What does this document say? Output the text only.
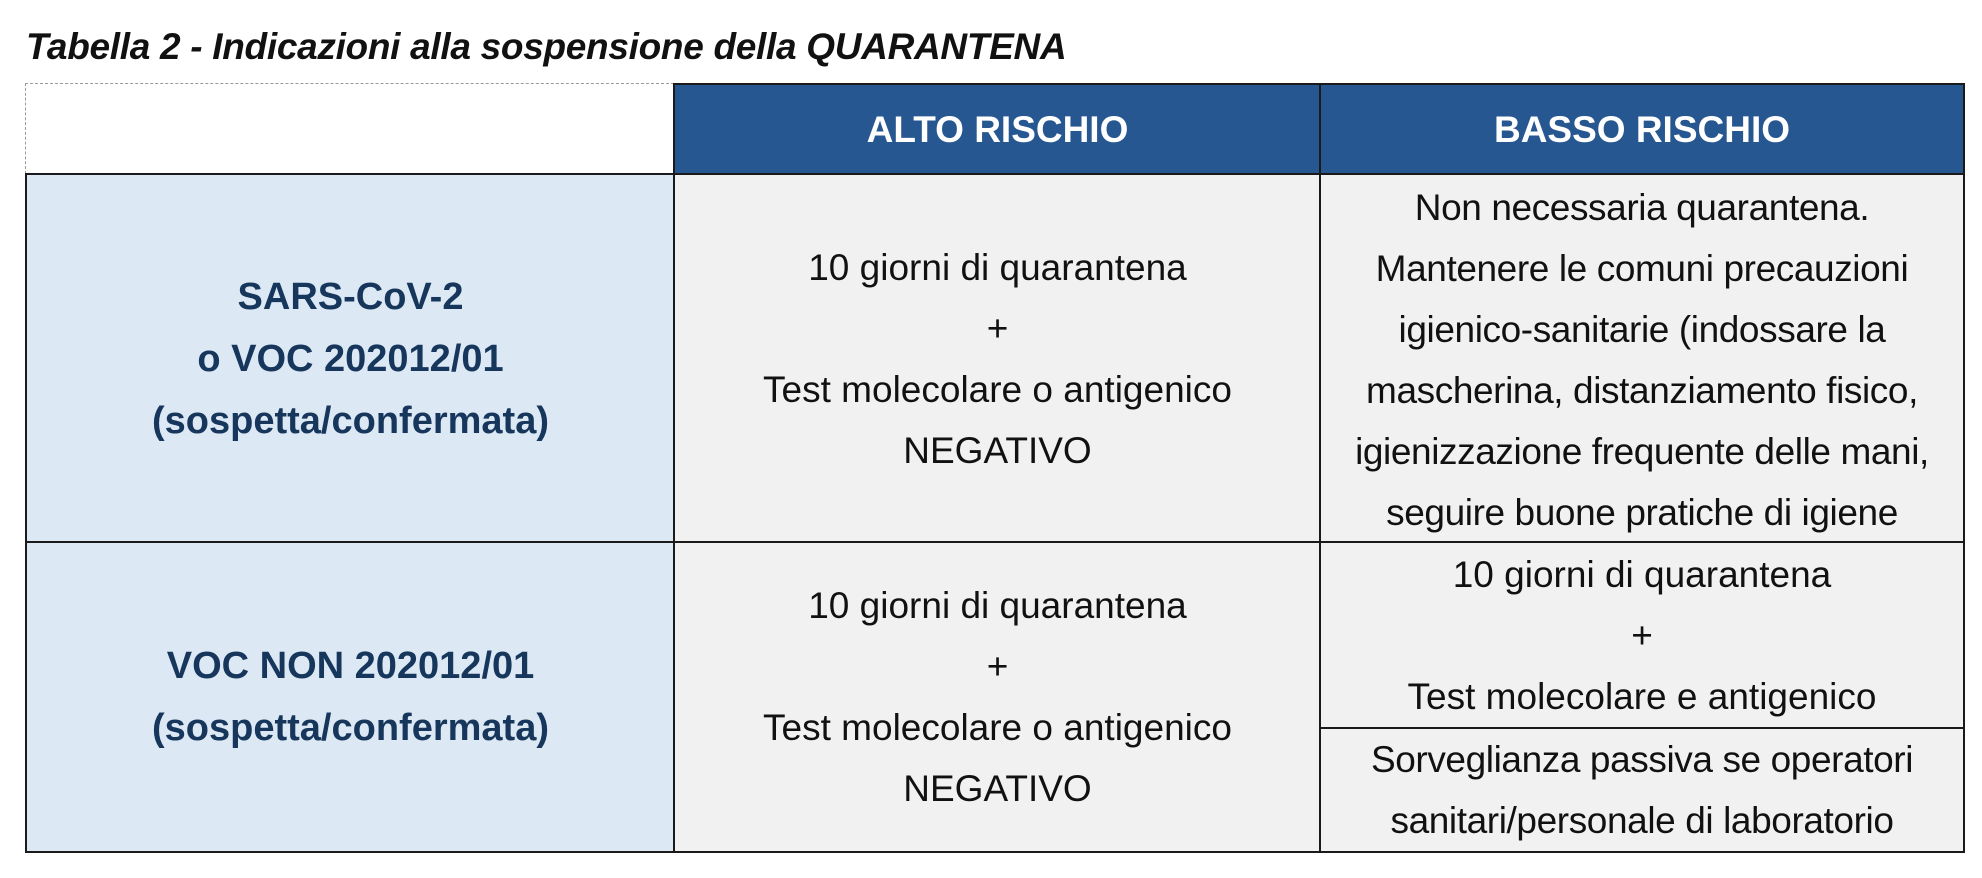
Tabella 2 - Indicazioni alla sospensione della QUARANTENA
ALTO RISCHIO	BASSO RISCHIO
SARS-CoV-2
o VOC 202012/01
(sospetta/confermata)
10 giorni di quarantena
+
Test molecolare o antigenico
NEGATIVO
Non necessaria quarantena.
Mantenere le comuni precauzioni
igienico-sanitarie (indossare la
mascherina, distanziamento fisico,
igienizzazione frequente delle mani,
seguire buone pratiche di igiene
VOC NON 202012/01
(sospetta/confermata)
10 giorni di quarantena
+
Test molecolare o antigenico
NEGATIVO
10 giorni di quarantena
+
Test molecolare e antigenico
Sorveglianza passiva se operatori
sanitari/personale di laboratorio
